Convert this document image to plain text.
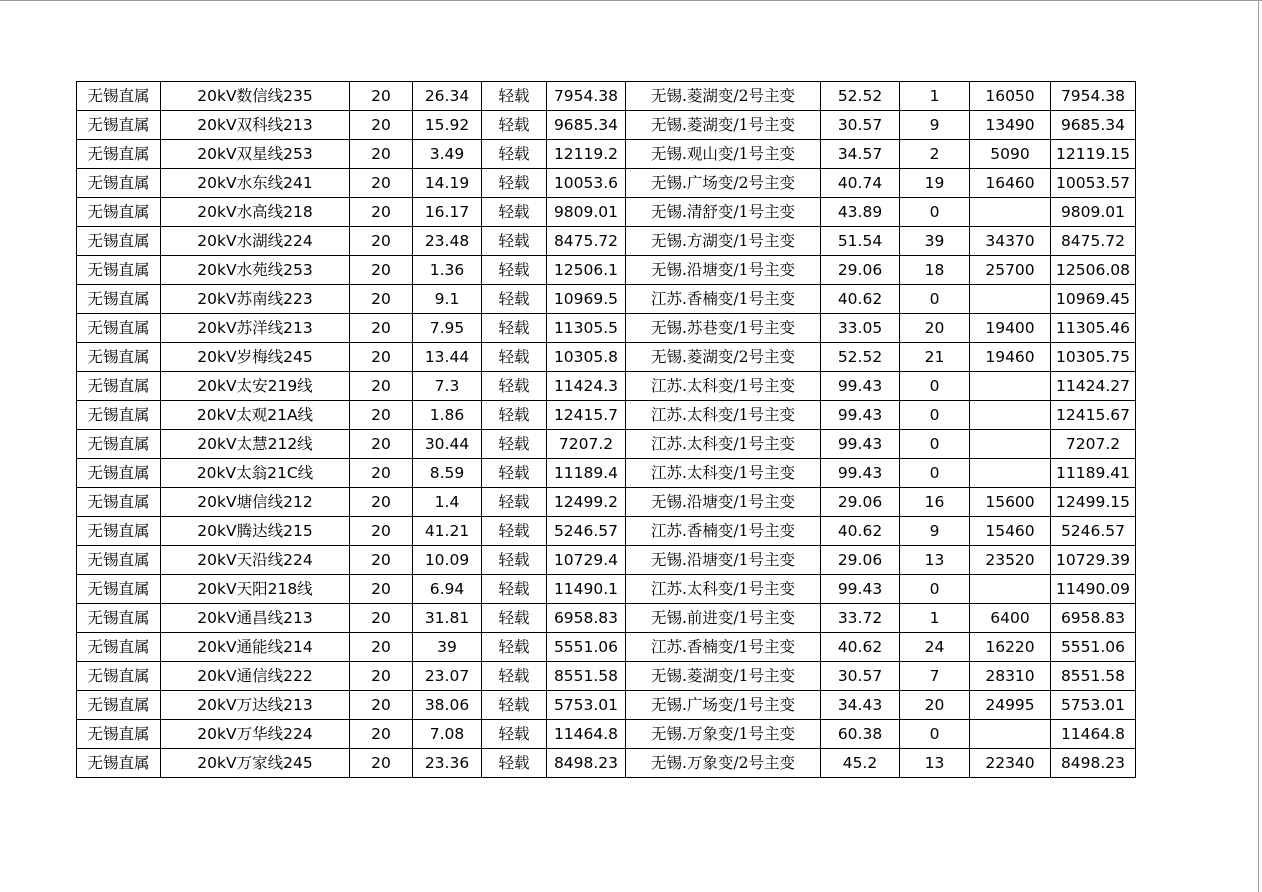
无锡直属	20kV数信线235	20	26.34	轻载	7954.38	无锡.菱湖变/2号主变	52.52	1	16050	7954.38
无锡直属	20kV双科线213	20	15.92	轻载	9685.34	无锡.菱湖变/1号主变	30.57	9	13490	9685.34
无锡直属	20kV双星线253	20	3.49	轻载	12119.2	无锡.观山变/1号主变	34.57	2	5090	12119.15
无锡直属	20kV水东线241	20	14.19	轻载	10053.6	无锡.广场变/2号主变	40.74	19	16460	10053.57
无锡直属	20kV水高线218	20	16.17	轻载	9809.01	无锡.清舒变/1号主变	43.89	0		9809.01
无锡直属	20kV水湖线224	20	23.48	轻载	8475.72	无锡.方湖变/1号主变	51.54	39	34370	8475.72
无锡直属	20kV水苑线253	20	1.36	轻载	12506.1	无锡.沿塘变/1号主变	29.06	18	25700	12506.08
无锡直属	20kV苏南线223	20	9.1	轻载	10969.5	江苏.香楠变/1号主变	40.62	0		10969.45
无锡直属	20kV苏洋线213	20	7.95	轻载	11305.5	无锡.苏巷变/1号主变	33.05	20	19400	11305.46
无锡直属	20kV岁梅线245	20	13.44	轻载	10305.8	无锡.菱湖变/2号主变	52.52	21	19460	10305.75
无锡直属	20kV太安219线	20	7.3	轻载	11424.3	江苏.太科变/1号主变	99.43	0		11424.27
无锡直属	20kV太观21A线	20	1.86	轻载	12415.7	江苏.太科变/1号主变	99.43	0		12415.67
无锡直属	20kV太慧212线	20	30.44	轻载	7207.2	江苏.太科变/1号主变	99.43	0		7207.2
无锡直属	20kV太翁21C线	20	8.59	轻载	11189.4	江苏.太科变/1号主变	99.43	0		11189.41
无锡直属	20kV塘信线212	20	1.4	轻载	12499.2	无锡.沿塘变/1号主变	29.06	16	15600	12499.15
无锡直属	20kV腾达线215	20	41.21	轻载	5246.57	江苏.香楠变/1号主变	40.62	9	15460	5246.57
无锡直属	20kV天沿线224	20	10.09	轻载	10729.4	无锡.沿塘变/1号主变	29.06	13	23520	10729.39
无锡直属	20kV天阳218线	20	6.94	轻载	11490.1	江苏.太科变/1号主变	99.43	0		11490.09
无锡直属	20kV通昌线213	20	31.81	轻载	6958.83	无锡.前进变/1号主变	33.72	1	6400	6958.83
无锡直属	20kV通能线214	20	39	轻载	5551.06	江苏.香楠变/1号主变	40.62	24	16220	5551.06
无锡直属	20kV通信线222	20	23.07	轻载	8551.58	无锡.菱湖变/1号主变	30.57	7	28310	8551.58
无锡直属	20kV万达线213	20	38.06	轻载	5753.01	无锡.广场变/1号主变	34.43	20	24995	5753.01
无锡直属	20kV万华线224	20	7.08	轻载	11464.8	无锡.万象变/1号主变	60.38	0		11464.8
无锡直属	20kV万家线245	20	23.36	轻载	8498.23	无锡.万象变/2号主变	45.2	13	22340	8498.23
